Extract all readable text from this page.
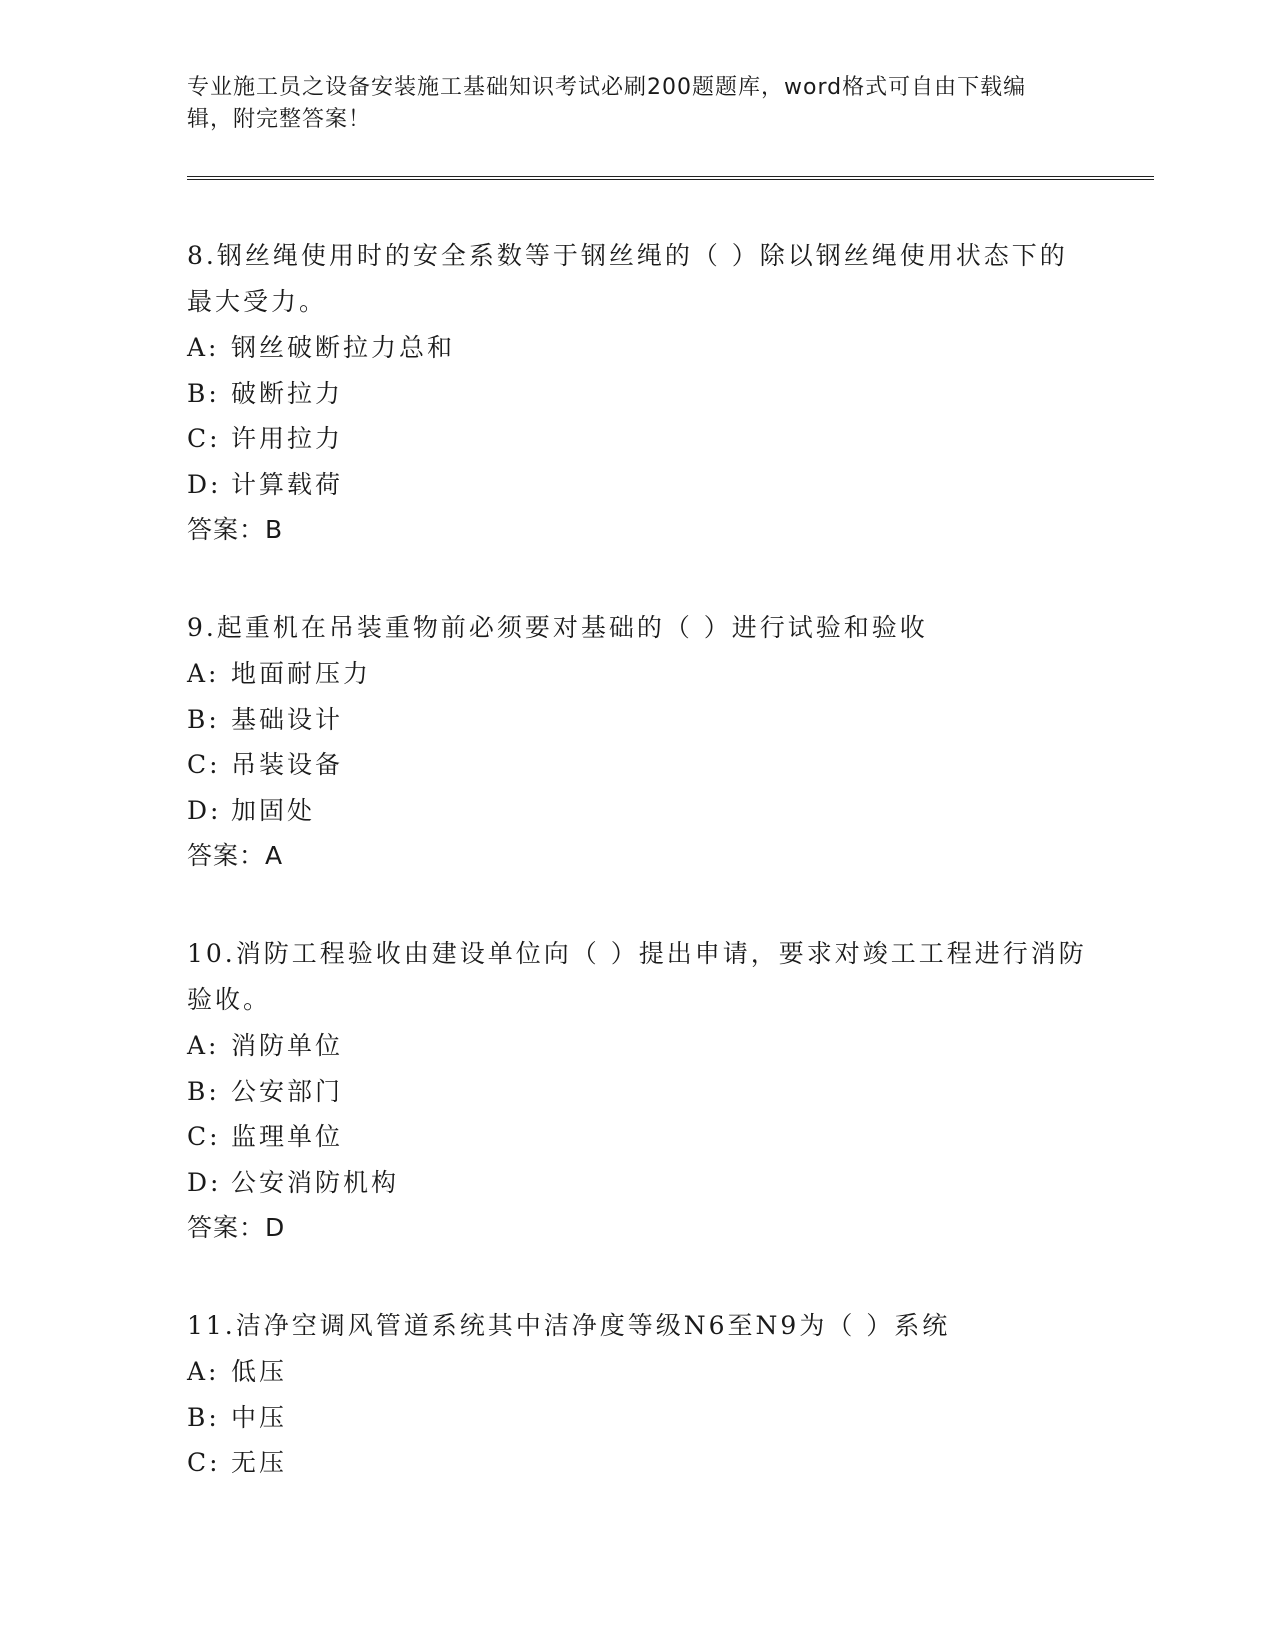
专业施工员之设备安装施工基础知识考试必刷200题题库，word格式可自由下载编辑，附完整答案！
8.钢丝绳使用时的安全系数等于钢丝绳的（ ）除以钢丝绳使用状态下的最大受力。
A: 钢丝破断拉力总和
B: 破断拉力
C: 许用拉力
D: 计算载荷
答案：B
9.起重机在吊装重物前必须要对基础的（ ）进行试验和验收
A: 地面耐压力
B: 基础设计
C: 吊装设备
D: 加固处
答案：A
10.消防工程验收由建设单位向（ ）提出申请，要求对竣工工程进行消防验收。
A: 消防单位
B: 公安部门
C: 监理单位
D: 公安消防机构
答案：D
11.洁净空调风管道系统其中洁净度等级N6至N9为（ ）系统
A: 低压
B: 中压
C: 无压
